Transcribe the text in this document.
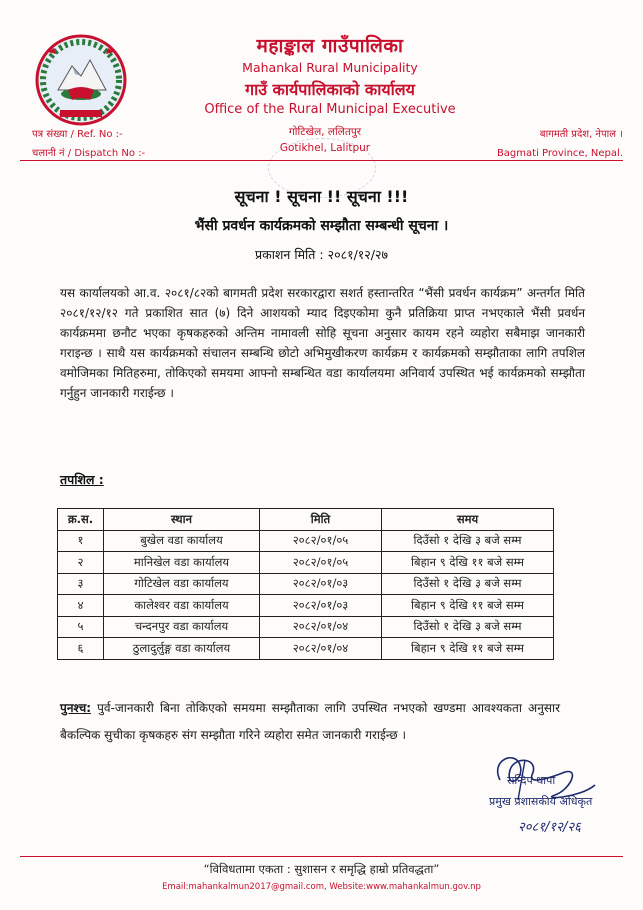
महाङ्काल गाउँपालिका
Mahankal Rural Municipality
गाउँ कार्यपालिकाको कार्यालय
Office of the Rural Municipal Executive
पत्र संख्या / Ref. No :-
चलानी नं / Dispatch No :-
गोटिखेल, ललितपुर
Gotikhel, Lalitpur
बागमती प्रदेश, नेपाल ।
Bagmati Province, Nepal.
सूचना ! सूचना !! सूचना !!!
भैंसी प्रवर्धन कार्यक्रमको सम्झौता सम्बन्धी सूचना ।
प्रकाशन मिति : २०८१/१२/२७

यस कार्यालयको आ.व. २०८१/८२को बागमती प्रदेश सरकारद्वारा सशर्त हस्तान्तरित “भैंसी प्रवर्धन कार्यक्रम” अन्तर्गत मिति २०८१/१२/१२ गते प्रकाशित सात (७) दिने आशयको म्याद दिइएकोमा कुनै प्रतिक्रिया प्राप्त नभएकाले भैंसी प्रवर्धन कार्यक्रममा छनौट भएका कृषकहरुको अन्तिम नामावली सोहि सूचना अनुसार कायम रहने व्यहोरा सबैमाझ जानकारी गराइन्छ । साथै यस कार्यक्रमको संचालन सम्बन्धि छोटो अभिमुखीकरण कार्यक्रम र कार्यक्रमको सम्झौताका लागि तपशिल वमोजिमका मितिहरुमा, तोकिएको समयमा आफ्नो सम्बन्धित वडा कार्यालयमा अनिवार्य उपस्थित भई कार्यक्रमको सम्झौता गर्नुहुन जानकारी गराईन्छ ।

तपशिल :
क्र.स.	स्थान	मिति	समय
१	बुखेल वडा कार्यालय	२०८२/०१/०५	दिउँसो १ देखि ३ बजे सम्म
२	मानिखेल वडा कार्यालय	२०८२/०१/०५	बिहान ९ देखि ११ बजे सम्म
३	गोटिखेल वडा कार्यालय	२०८२/०१/०३	दिउँसो १ देखि ३ बजे सम्म
४	कालेश्वर वडा कार्यालय	२०८२/०१/०३	बिहान ९ देखि ११ बजे सम्म
५	चन्दनपुर वडा कार्यालय	२०८२/०१/०४	दिउँसो १ देखि ३ बजे सम्म
६	ठुलादुर्लुङ्ग वडा कार्यालय	२०८२/०१/०४	बिहान ९ देखि ११ बजे सम्म

पुनश्च: पुर्व-जानकारी बिना तोकिएको समयमा सम्झौताका लागि उपस्थित नभएको खण्डमा आवश्यकता अनुसार बैकल्पिक सुचीका कृषकहरु संग सम्झौता गरिने व्यहोरा समेत जानकारी गराईन्छ ।

सन्दिप थापा
प्रमुख प्रशासकीय अधिकृत
२०८१/१२/२६
“विविधतामा एकता : सुशासन र समृद्धि हाम्रो प्रतिवद्धता”
Email:mahankalmun2017@gmail.com, Website:www.mahankalmun.gov.np
